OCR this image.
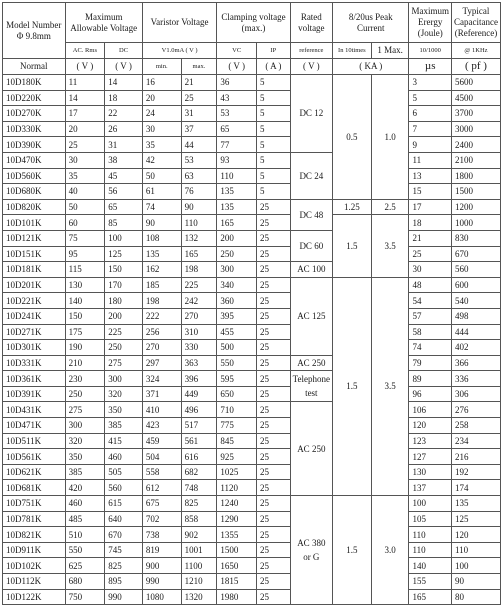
Model Number Φ 9.8mm	Maximum Allowable Voltage		Varistor Voltage		Clamping voltage (max.)		Rated voltage	8/20us Peak Current		Maximum Erergy (Joule)	Typical Capacitance (Reference)
	AC. Rms	DC	V1.0mA ( V )		VC	IP	reference	In 10times	1 Max.	10/1000	@ 1KHz
Normal	( V )	( V )	min.	max.	( V )	( A )	( V )	( KA )		µs	( pf )
10D180K	11	14	16	21	36	5	DC 12	0.5	1.0	3	5600
10D220K	14	18	20	25	43	5				5	4500
10D270K	17	22	24	31	53	5				6	3700
10D330K	20	26	30	37	65	5				7	3000
10D390K	25	31	35	44	77	5				9	2400
10D470K	30	38	42	53	93	5	DC 24			11	2100
10D560K	35	45	50	63	110	5				13	1800
10D680K	40	56	61	76	135	5				15	1500
10D820K	50	65	74	90	135	25	DC 48	1.25	2.5	17	1200
10D101K	60	85	90	110	165	25		1.5	3.5	18	1000
10D121K	75	100	108	132	200	25	DC 60			21	830
10D151K	95	125	135	165	250	25				25	670
10D181K	115	150	162	198	300	25	AC 100			30	560
10D201K	130	170	185	225	340	25	AC 125	1.5	3.5	48	600
10D221K	140	180	198	242	360	25				54	540
10D241K	150	200	222	270	395	25				57	498
10D271K	175	225	256	310	455	25				58	444
10D301K	190	250	270	330	500	25				74	402
10D331K	210	275	297	363	550	25	AC 250			79	366
10D361K	230	300	324	396	595	25	Telephone test			89	336
10D391K	250	320	371	449	650	25				96	306
10D431K	275	350	410	496	710	25	AC 250			106	276
10D471K	300	385	423	517	775	25				120	258
10D511K	320	415	459	561	845	25				123	234
10D561K	350	460	504	616	925	25				127	216
10D621K	385	505	558	682	1025	25				130	192
10D681K	420	560	612	748	1120	25				137	174
10D751K	460	615	675	825	1240	25	AC 380 or G	1.5	3.0	100	135
10D781K	485	640	702	858	1290	25				105	125
10D821K	510	670	738	902	1355	25				110	120
10D911K	550	745	819	1001	1500	25				110	110
10D102K	625	825	900	1100	1650	25				140	100
10D112K	680	895	990	1210	1815	25				155	90
10D122K	750	990	1080	1320	1980	25				165	80
